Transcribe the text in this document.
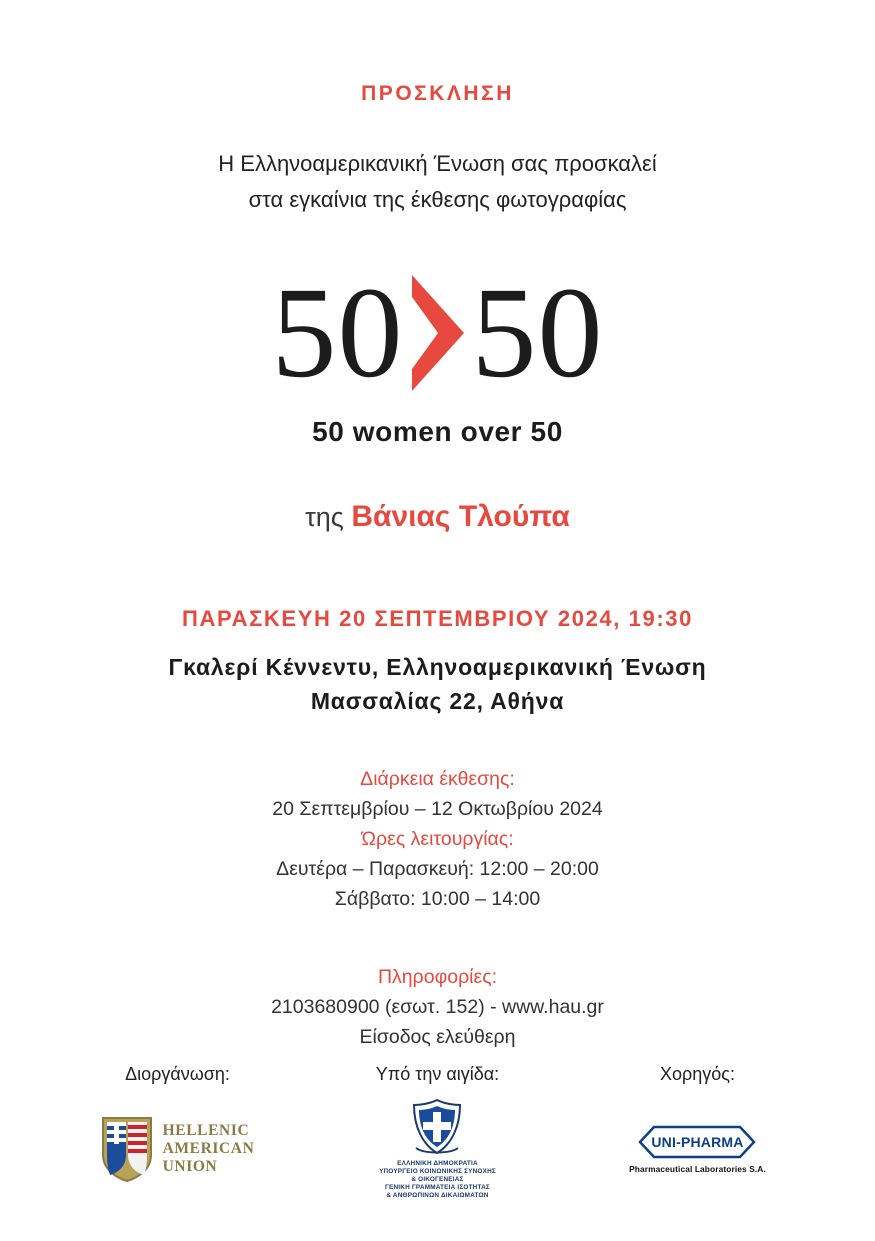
ΠΡΟΣΚΛΗΣΗ
Η Ελληνοαμερικανική Ένωση σας προσκαλεί
στα εγκαίνια της έκθεσης φωτογραφίας
50 50
50 women over 50
της Βάνιας Τλούπα
ΠΑΡΑΣΚΕΥΗ 20 ΣΕΠΤΕΜΒΡΙΟΥ 2024, 19:30
Γκαλερί Κέννεντυ, Ελληνοαμερικανική Ένωση
Μασσαλίας 22, Αθήνα
Διάρκεια έκθεσης:
20 Σεπτεμβρίου – 12 Οκτωβρίου 2024
Ώρες λειτουργίας:
Δευτέρα – Παρασκευή: 12:00 – 20:00
Σάββατο: 10:00 – 14:00
Πληροφορίες:
2103680900 (εσωτ. 152) - www.hau.gr
Είσοδος ελεύθερη
Διοργάνωση:
HELLENIC
AMERICAN
UNION
Υπό την αιγίδα:
ΕΛΛΗΝΙΚΗ ΔΗΜΟΚΡΑΤΙΑ
ΥΠΟΥΡΓΕΙΟ ΚΟΙΝΩΝΙΚΗΣ ΣΥΝΟΧΗΣ
& ΟΙΚΟΓΕΝΕΙΑΣ
ΓΕΝΙΚΗ ΓΡΑΜΜΑΤΕΙΑ ΙΣΟΤΗΤΑΣ
& ΑΝΘΡΩΠΙΝΩΝ ΔΙΚΑΙΩΜΑΤΩΝ
Χορηγός:
UNI-PHARMA
Pharmaceutical Laboratories S.A.
